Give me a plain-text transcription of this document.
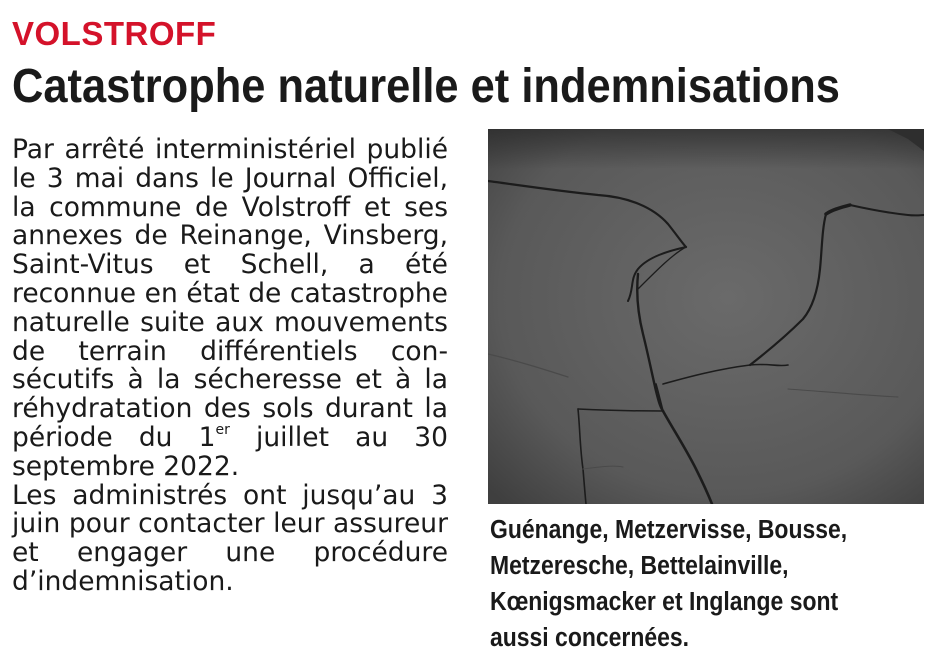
VOLSTROFF
Catastrophe naturelle et indemnisations

Par arrêté interministériel publié le 3 mai dans le Journal Officiel, la commune de Volstroff et ses annexes de Reinange, Vinsberg, Saint-Vitus et Schell, a été reconnue en état de catastrophe naturelle suite aux mouvements de terrain différentiels consécutifs à la sécheresse et à la réhydratation des sols durant la période du 1er juillet au 30 septembre 2022.

Les administrés ont jusqu’au 3 juin pour contacter leur assureur et engager une procédure d’indemnisation.

Guénange, Metzervisse, Bousse, Metzeresche, Bettelainville, Kœnigsmacker et Inglange sont aussi concernées.
